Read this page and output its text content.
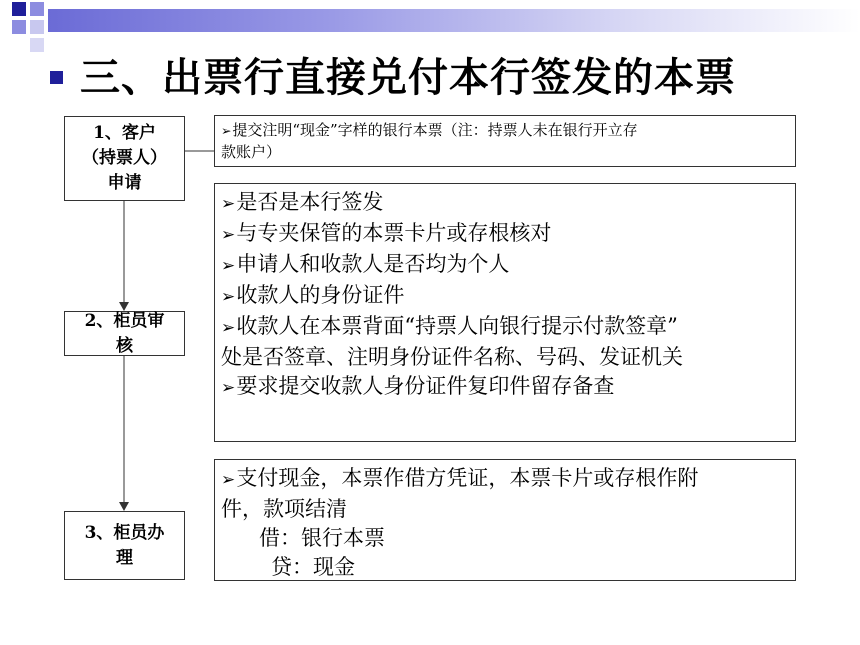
三、出票行直接兑付本行签发的本票
1、客户
（持票人）
申请
2、柜员审
核
3、柜员办
理
➢提交注明“现金”字样的银行本票（注：持票人未在银行开立存
款账户）
➢是否是本行签发
➢与专夹保管的本票卡片或存根核对
➢申请人和收款人是否均为个人
➢收款人的身份证件
➢收款人在本票背面“持票人向银行提示付款签章”
处是否签章、注明身份证件名称、号码、发证机关
➢要求提交收款人身份证件复印件留存备查
➢支付现金，本票作借方凭证，本票卡片或存根作附
件，款项结清
借：银行本票
贷：现金
